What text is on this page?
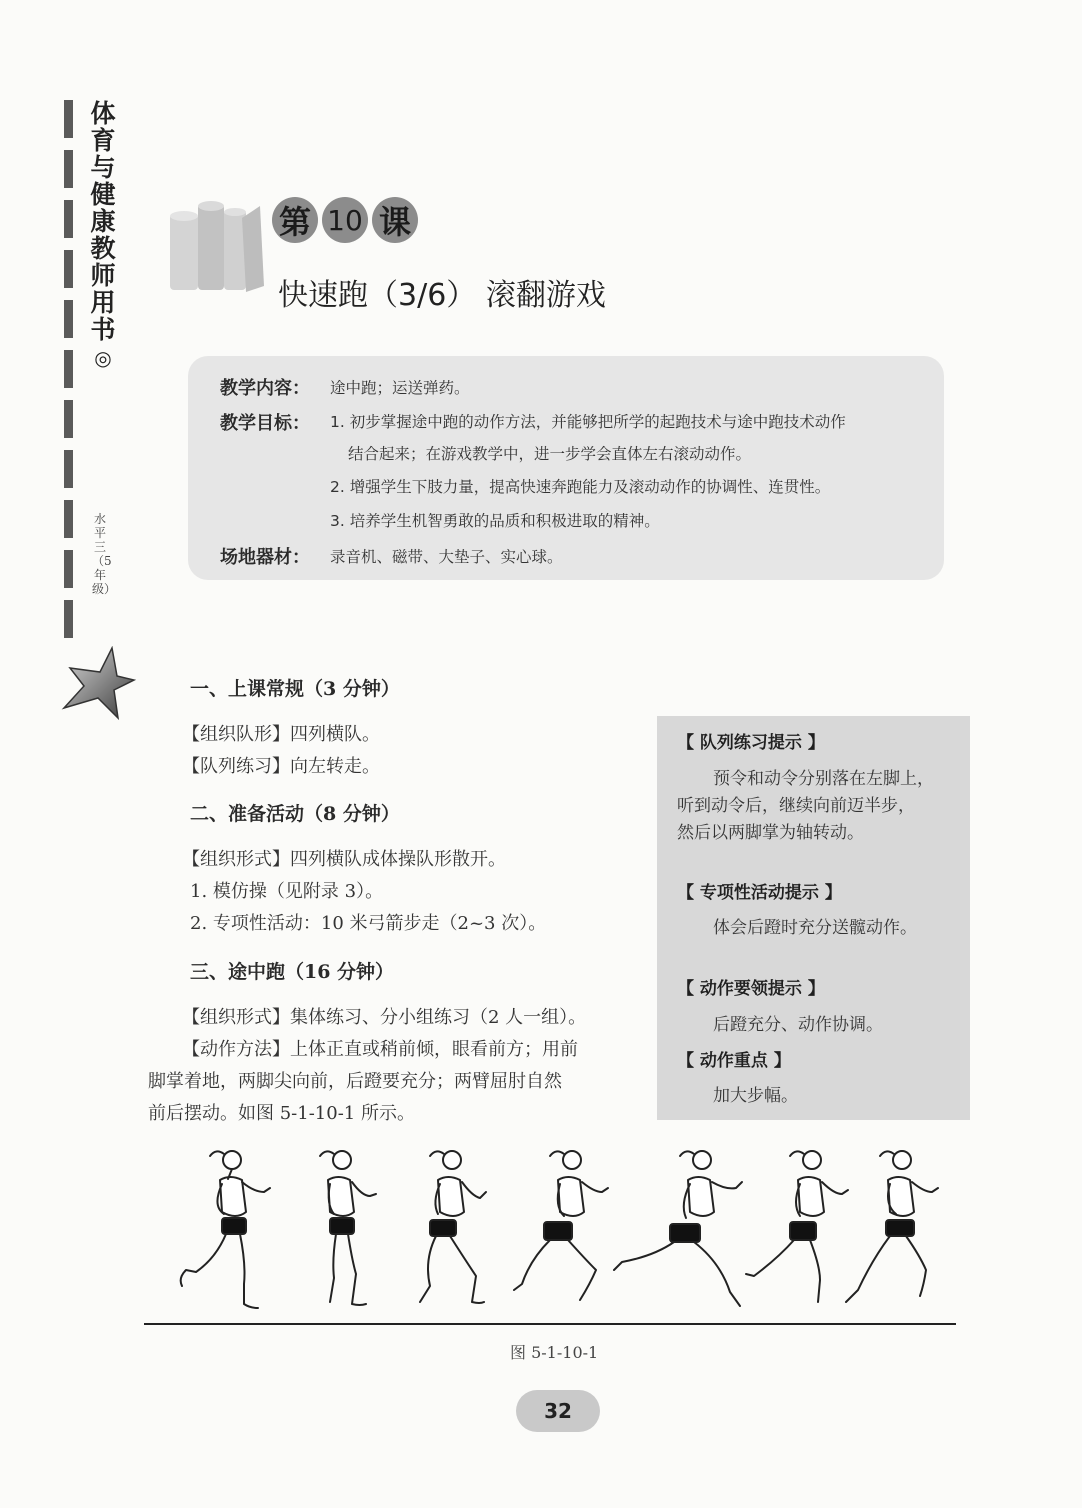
体育与健康教师用书
◎
水平三（5年级）
第 10 课
快速跑（3/6） 滚翻游戏
教学内容： 途中跑；运送弹药。
教学目标： 1. 初步掌握途中跑的动作方法，并能够把所学的起跑技术与途中跑技术动作
结合起来；在游戏教学中，进一步学会直体左右滚动动作。
2. 增强学生下肢力量，提高快速奔跑能力及滚动动作的协调性、连贯性。
3. 培养学生机智勇敢的品质和积极进取的精神。
场地器材： 录音机、磁带、大垫子、实心球。
一、上课常规（3 分钟）
【组织队形】四列横队。
【队列练习】向左转走。
二、准备活动（8 分钟）
【组织形式】四列横队成体操队形散开。
1. 模仿操（见附录 3）。
2. 专项性活动：10 米弓箭步走（2~3 次）。
三、途中跑（16 分钟）
【组织形式】集体练习、分小组练习（2 人一组）。
【动作方法】上体正直或稍前倾，眼看前方；用前
脚掌着地，两脚尖向前，后蹬要充分；两臂屈肘自然
前后摆动。如图 5-1-10-1 所示。
【 队列练习提示 】
预令和动令分别落在左脚上，
听到动令后，继续向前迈半步，
然后以两脚掌为轴转动。
【 专项性活动提示 】
体会后蹬时充分送髋动作。
【 动作要领提示 】
后蹬充分、动作协调。
【 动作重点 】
加大步幅。
图 5-1-10-1
32
